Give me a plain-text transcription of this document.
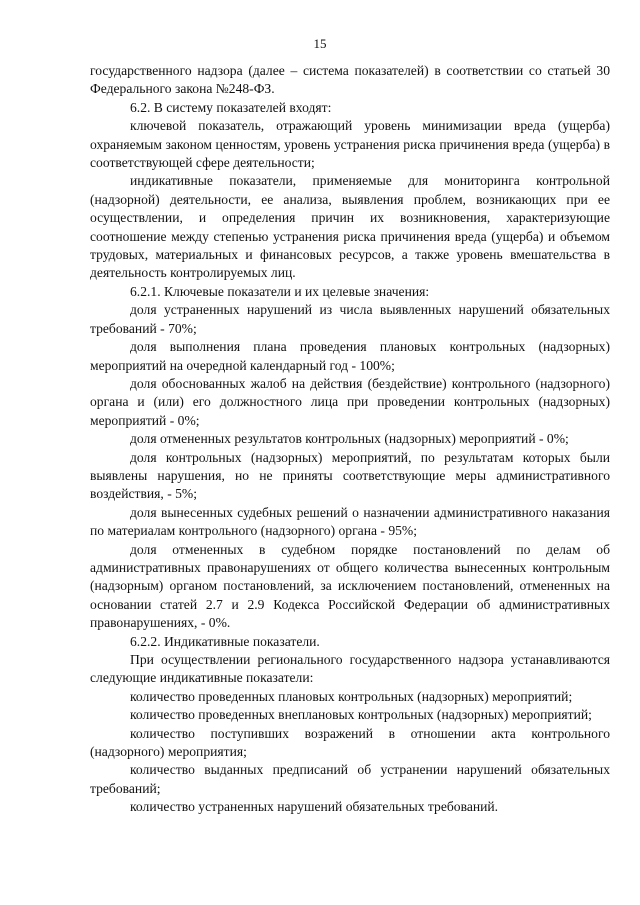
15

государственного надзора (далее – система показателей) в соответствии со статьей 30 Федерального закона №248-ФЗ.

6.2. В систему показателей входят:

ключевой показатель, отражающий уровень минимизации вреда (ущерба) охраняемым законом ценностям, уровень устранения риска причинения вреда (ущерба) в соответствующей сфере деятельности;

индикативные показатели, применяемые для мониторинга контрольной (надзорной) деятельности, ее анализа, выявления проблем, возникающих при ее осуществлении, и определения причин их возникновения, характеризующие соотношение между степенью устранения риска причинения вреда (ущерба) и объемом трудовых, материальных и финансовых ресурсов, а также уровень вмешательства в деятельность контролируемых лиц.

6.2.1. Ключевые показатели и их целевые значения:

доля устраненных нарушений из числа выявленных нарушений обязательных требований - 70%;

доля выполнения плана проведения плановых контрольных (надзорных) мероприятий на очередной календарный год - 100%;

доля обоснованных жалоб на действия (бездействие) контрольного (надзорного) органа и (или) его должностного лица при проведении контрольных (надзорных) мероприятий - 0%;

доля отмененных результатов контрольных (надзорных) мероприятий - 0%;

доля контрольных (надзорных) мероприятий, по результатам которых были выявлены нарушения, но не приняты соответствующие меры административного воздействия, - 5%;

доля вынесенных судебных решений о назначении административного наказания по материалам контрольного (надзорного) органа - 95%;

доля отмененных в судебном порядке постановлений по делам об административных правонарушениях от общего количества вынесенных контрольным (надзорным) органом постановлений, за исключением постановлений, отмененных на основании статей 2.7 и 2.9 Кодекса Российской Федерации об административных правонарушениях, - 0%.

6.2.2. Индикативные показатели.

При осуществлении регионального государственного надзора устанавливаются следующие индикативные показатели:

количество проведенных плановых контрольных (надзорных) мероприятий;

количество проведенных внеплановых контрольных (надзорных) мероприятий;

количество поступивших возражений в отношении акта контрольного (надзорного) мероприятия;

количество выданных предписаний об устранении нарушений обязательных требований;

количество устраненных нарушений обязательных требований.
